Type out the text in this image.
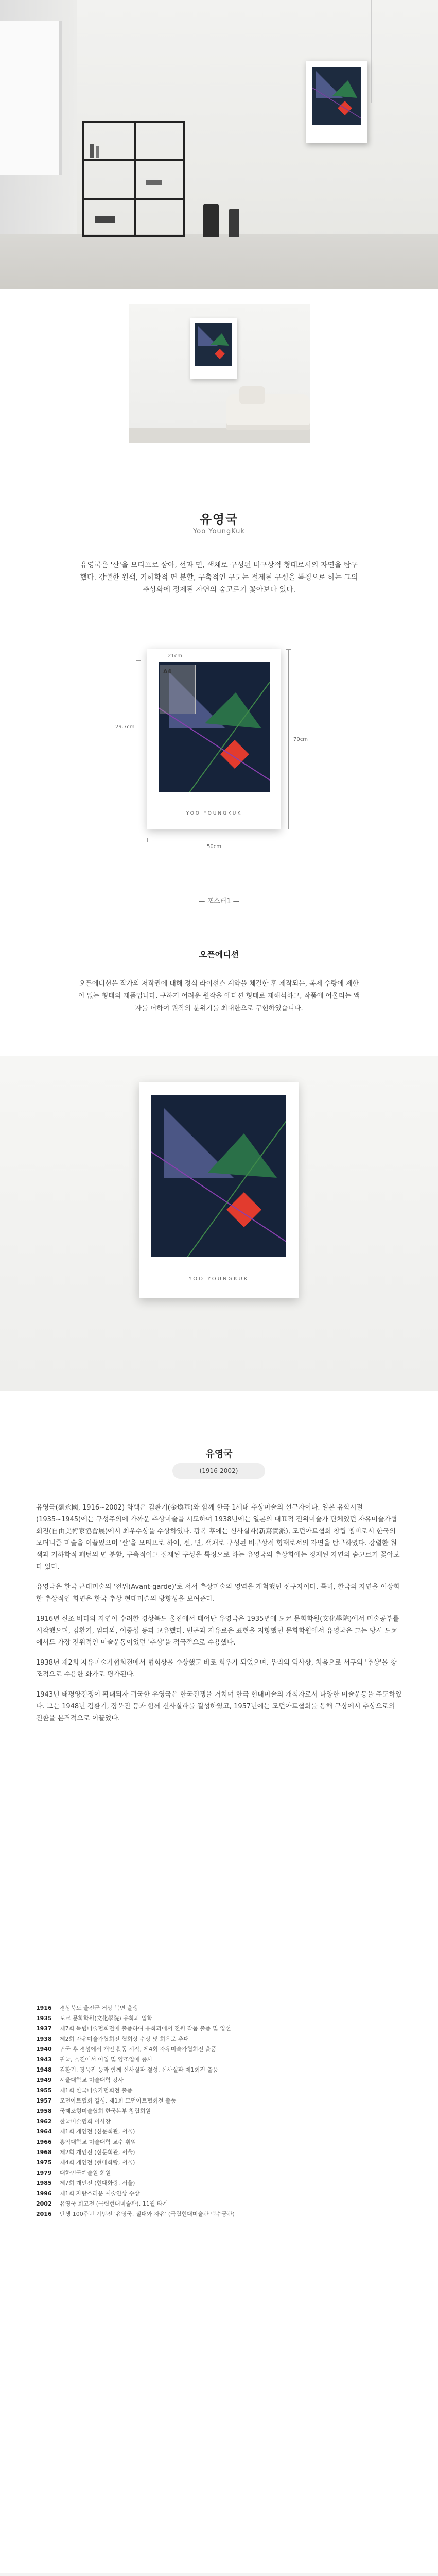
유영국
Yoo YoungKuk
유영국은 '산'을 모티프로 삼아, 선과 면, 색채로 구성된 비구상적 형태로서의 자연을 탐구했다. 강렬한 원색, 기하학적 면 분할, 구축적인 구도는 절제된 구성을 특징으로 하는 그의 추상화에 정제된 자연의 숨고르기 꽃아보다 있다.
YOO YOUNGKUK
A4
29.7cm
21cm
70cm
50cm
— 포스터1 —
오픈에디션
오픈에디션은 작가의 저작권에 대해 정식 라이선스 계약을 체결한 후 제작되는, 복제 수량에 제한이 없는 형태의 제품입니다. 구하기 어려운 원작을 에디션 형태로 재해석하고, 작품에 어울리는 액자를 더하여 원작의 분위기를 최대한으로 구현하였습니다.
YOO YOUNGKUK
유영국
(1916-2002)

유영국(劉永國, 1916~2002) 화백은 김환기(金煥基)와 함께 한국 1세대 추상미술의 선구자이다. 일본 유학시절(1935~1945)에는 구성주의에 가까운 추상미술을 시도하며 1938년에는 일본의 대표적 전위미술가 단체였던 자유미술가협회전(自由美術家協會展)에서 최우수상을 수상하였다. 광복 후에는 신사실파(新寫實派), 모던아트협회 창립 멤버로서 한국의 모더니즘 미술을 이끌었으며 '산'을 모티프로 하여, 선, 면, 색채로 구성된 비구상적 형태로서의 자연을 탐구하였다. 강렬한 원색과 기하학적 패턴의 면 분할, 구축적이고 절제된 구성을 특징으로 하는 유영국의 추상화에는 정제된 자연의 숨고르기 꽃아보다 있다.

유영국은 한국 근대미술의 '전위(Avant-garde)'로 서서 추상미술의 영역을 개척했던 선구자이다. 특히, 한국의 자연을 이상화한 추상적인 화면은 한국 추상 현대미술의 방향성을 보여준다.

1916년 신조 바다와 자연이 수려한 경상북도 울진에서 태어난 유영국은 1935년에 도쿄 문화학원(文化學院)에서 미술공부를 시작했으며, 김환기, 임파와, 이중섭 등과 교유했다. 빈곤과 자유로운 표현을 지향했던 문화학원에서 유영국은 그는 당시 도쿄에서도 가장 전위적인 미술운동이었던 '추상'을 적극적으로 수용했다.

1938년 제2회 자유미술가협회전에서 협회상을 수상했고 바로 회우가 되었으며, 우리의 역사상, 처음으로 서구의 '추상'을 창조적으로 수용한 화가로 평가된다.

1943년 태평양전쟁이 확대되자 귀국한 유영국은 한국전쟁을 거치며 한국 현대미술의 개척자로서 다양한 미술운동을 주도하였다. 그는 1948년 김환기, 장욱진 등과 함께 신사실파를 결성하였고, 1957년에는 모던아트협회를 통해 구상에서 추상으로의 전환을 본격적으로 이끌었다.

1916	경상북도 울진군 거상 북면 출생
1935	도쿄 문화학원(文化學院) 유화과 입학
1937	제7회 독립미술협회전에 출품하여 유화과에서 전원 작품 출품 및 입선
1938	제2회 자유미술가협회전 협회상 수상 및 회우로 추대
1940	귀국 후 경성에서 개인 활동 시작, 제4회 자유미술가협회전 출품
1943	귀국, 울진에서 어업 및 양조업에 종사
1948	김환기, 장욱진 등과 함께 신사실파 결성, 신사실파 제1회전 출품
1949	서울대학교 미술대학 강사
1955	제1회 한국미술가협회전 출품
1957	모던아트협회 결성, 제1회 모던아트협회전 출품
1958	국제조형미술협회 한국본부 창립회원
1962	한국미술협회 이사장
1964	제1회 개인전 (신문회관, 서울)
1966	홍익대학교 미술대학 교수 취임
1968	제2회 개인전 (신문회관, 서울)
1975	제4회 개인전 (현대화랑, 서울)
1979	대한민국예술원 회원
1985	제7회 개인전 (현대화랑, 서울)
1996	제1회 자랑스러운 예술인상 수상
2002	유영국 회고전 (국립현대미술관), 11월 타계
2016	탄생 100주년 기념전 '유영국, 절대와 자유' (국립현대미술관 덕수궁관)
